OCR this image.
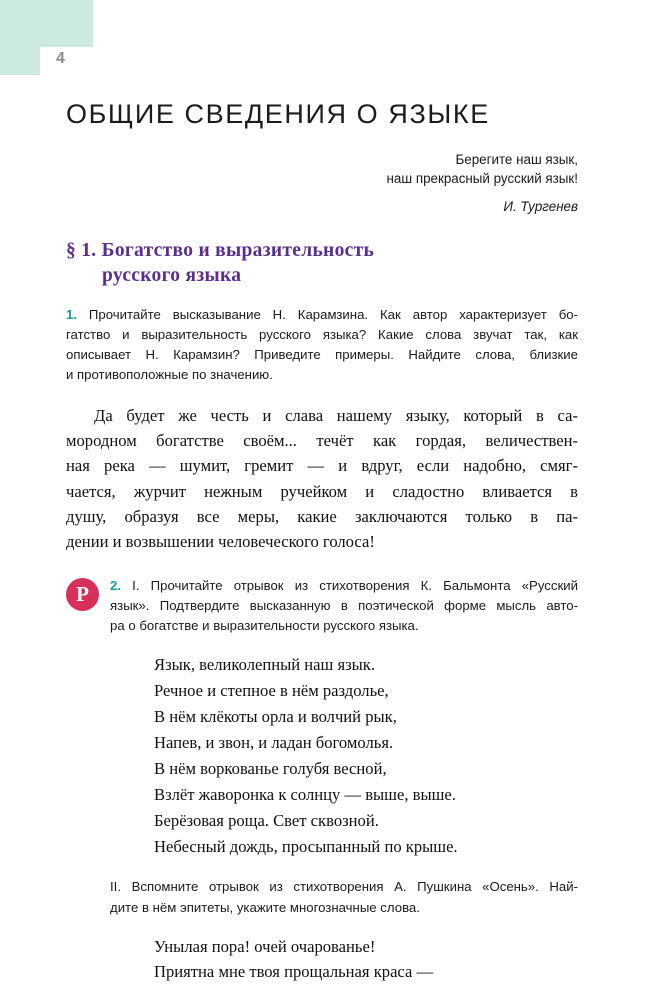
4
ОБЩИЕ СВЕДЕНИЯ О ЯЗЫКЕ
Берегите наш язык,
наш прекрасный русский язык!
И. Тургенев
§ 1. Богатство и выразительность
русского языка
1. Прочитайте высказывание Н. Карамзина. Как автор характеризует бо-
гатство и выразительность русского языка? Какие слова звучат так, как
описывает Н. Карамзин? Приведите примеры. Найдите слова, близкие
и противоположные по значению.
Да будет же честь и слава нашему языку, который в са-
мородном богатстве своём... течёт как гордая, величествен-
ная река — шумит, гремит — и вдруг, если надобно, смяг-
чается, журчит нежным ручейком и сладостно вливается в
душу, образуя все меры, какие заключаются только в па-
дении и возвышении человеческого голоса!
Р	2. I. Прочитайте отрывок из стихотворения К. Бальмонта «Русский
язык». Подтвердите высказанную в поэтической форме мысль авто-
ра о богатстве и выразительности русского языка.
Язык, великолепный наш язык.
Речное и степное в нём раздолье,
В нём клёкоты орла и волчий рык,
Напев, и звон, и ладан богомолья.
В нём воркованье голубя весной,
Взлёт жаворонка к солнцу — выше, выше.
Берёзовая роща. Свет сквозной.
Небесный дождь, просыпанный по крыше.
II. Вспомните отрывок из стихотворения А. Пушкина «Осень». Най-
дите в нём эпитеты, укажите многозначные слова.
Унылая пора! очей очарованье!
Приятна мне твоя прощальная краса —
